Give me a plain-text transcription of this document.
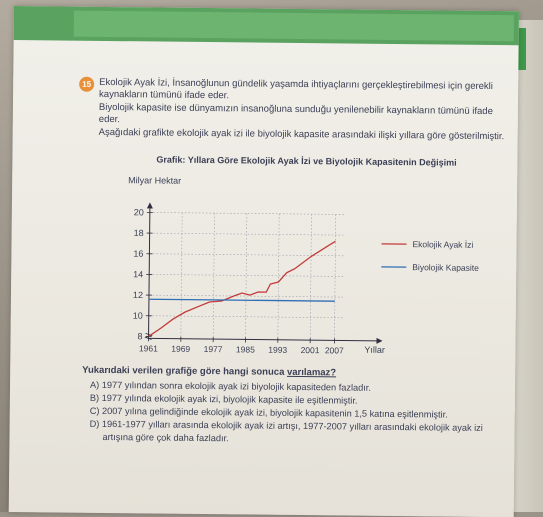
15 Ekolojik Ayak İzi, İnsanoğlunun gündelik yaşamda ihtiyaçlarını gerçekleştirebilmesi için gerekli
kaynakların tümünü ifade eder.
Biyolojik kapasite ise dünyamızın insanoğluna sunduğu yenilenebilir kaynakların tümünü ifade
eder.
Aşağıdaki grafikte ekolojik ayak izi ile biyolojik kapasite arasındaki ilişki yıllara göre gösterilmiştir.
Grafik: Yıllara Göre Ekolojik Ayak İzi ve Biyolojik Kapasitenin Değişimi
Milyar Hektar
Yıllar
8
10
12
14
16
18
20
1961 1969 1977 1985 1993 2001 2007
Ekolojik Ayak İzi
Biyolojik Kapasite
Yukarıdaki verilen grafiğe göre hangi sonuca varılamaz?
A) 1977 yılından sonra ekolojik ayak izi biyolojik kapasiteden fazladır.
B) 1977 yılında ekolojik ayak izi, biyolojik kapasite ile eşitlenmiştir.
C) 2007 yılına gelindiğinde ekolojik ayak izi, biyolojik kapasitenin 1,5 katına eşitlenmiştir.
D) 1961-1977 yılları arasında ekolojik ayak izi artışı, 1977-2007 yılları arasındaki ekolojik ayak izi
artışına göre çok daha fazladır.
